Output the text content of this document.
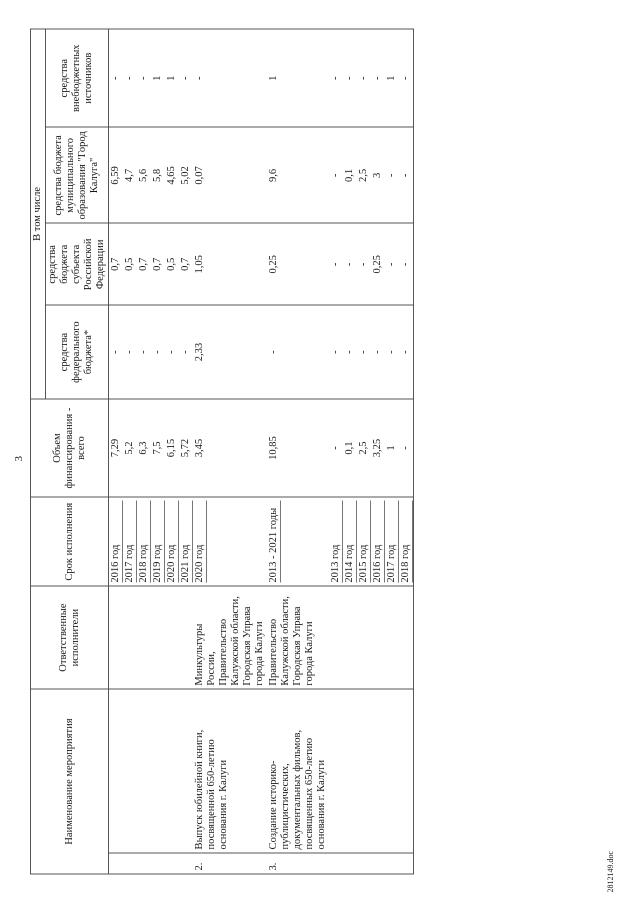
3
Наименование мероприятия		Ответственные исполнители	Срок исполнения	Объем финансирования - всего	В том числе			
					средства федерального бюджета*	средства бюджета субъекта Российской Федерации	средства бюджета муниципального образования "Город Калуга"	средства внебюджетных источников

			2016 год	7,29	-	0,7	6,59	-

			2017 год	5,2	-	0,5	4,7	-

			2018 год	6,3	-	0,7	5,6	-

			2019 год	7,5	-	0,7	5,8	1

			2020 год	6,15	-	0,5	4,65	1

			2021 год	5,72	-	0,7	5,02	-
2.	Выпуск юбилейной книги, посвященной 650-летию основания г. Калуги	Минкультуры России, Правительство Калужской области, Городская Управа города Калуги	2020 год	3,45	2,33	1,05	0,07	-
3.	Создание историко-публицистических, документальных фильмов, посвященных 650-летию основания г. Калуги	Правительство Калужской области, Городская Управа города Калуги	2013 - 2021 годы	10,85	-	0,25	9,6	1

			2013 год	-	-	-	-	-

			2014 год	0,1	-	-	0,1	-

			2015 год	2,5	-	-	2,5	-

			2016 год	3,25	-	0,25	3	-

			2017 год	1	-	-	-	1

			2018 год	-	-	-	-	-
2812149.doc
